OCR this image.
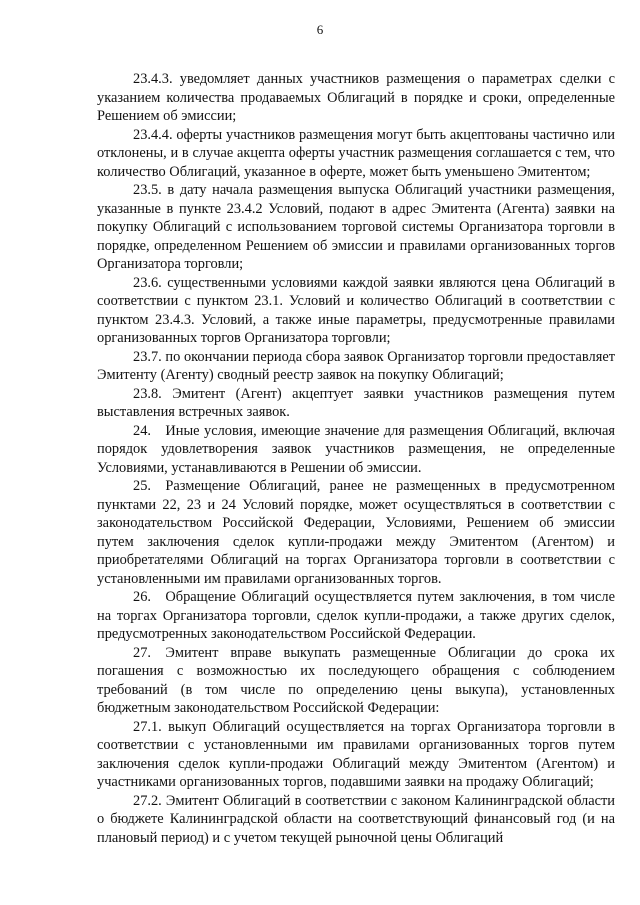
6

23.4.3. уведомляет данных участников размещения о параметрах сделки с указанием количества продаваемых Облигаций в порядке и сроки, определенные Решением об эмиссии;

23.4.4. оферты участников размещения могут быть акцептованы частично или отклонены, и в случае акцепта оферты участник размещения соглашается с тем, что количество Облигаций, указанное в оферте, может быть уменьшено Эмитентом;

23.5. в дату начала размещения выпуска Облигаций участники размещения, указанные в пункте 23.4.2 Условий, подают в адрес Эмитента (Агента) заявки на покупку Облигаций с использованием торговой системы Организатора торговли в порядке, определенном Решением об эмиссии и правилами организованных торгов Организатора торговли;

23.6. существенными условиями каждой заявки являются цена Облигаций в соответствии с пунктом 23.1. Условий и количество Облигаций в соответствии с пунктом 23.4.3. Условий, а также иные параметры, предусмотренные правилами организованных торгов Организатора торговли;

23.7. по окончании периода сбора заявок Организатор торговли предоставляет Эмитенту (Агенту) сводный реестр заявок на покупку Облигаций;

23.8. Эмитент (Агент) акцептует заявки участников размещения путем выставления встречных заявок.

24. Иные условия, имеющие значение для размещения Облигаций, включая порядок удовлетворения заявок участников размещения, не определенные Условиями, устанавливаются в Решении об эмиссии.

25. Размещение Облигаций, ранее не размещенных в предусмотренном пунктами 22, 23 и 24 Условий порядке, может осуществляться в соответствии с законодательством Российской Федерации, Условиями, Решением об эмиссии путем заключения сделок купли-продажи между Эмитентом (Агентом) и приобретателями Облигаций на торгах Организатора торговли в соответствии с установленными им правилами организованных торгов.

26. Обращение Облигаций осуществляется путем заключения, в том числе на торгах Организатора торговли, сделок купли-продажи, а также других сделок, предусмотренных законодательством Российской Федерации.

27. Эмитент вправе выкупать размещенные Облигации до срока их погашения с возможностью их последующего обращения с соблюдением требований (в том числе по определению цены выкупа), установленных бюджетным законодательством Российской Федерации:

27.1. выкуп Облигаций осуществляется на торгах Организатора торговли в соответствии с установленными им правилами организованных торгов путем заключения сделок купли-продажи Облигаций между Эмитентом (Агентом) и участниками организованных торгов, подавшими заявки на продажу Облигаций;

27.2. Эмитент Облигаций в соответствии с законом Калининградской области о бюджете Калининградской области на соответствующий финансовый год (и на плановый период) и с учетом текущей рыночной цены Облигаций
